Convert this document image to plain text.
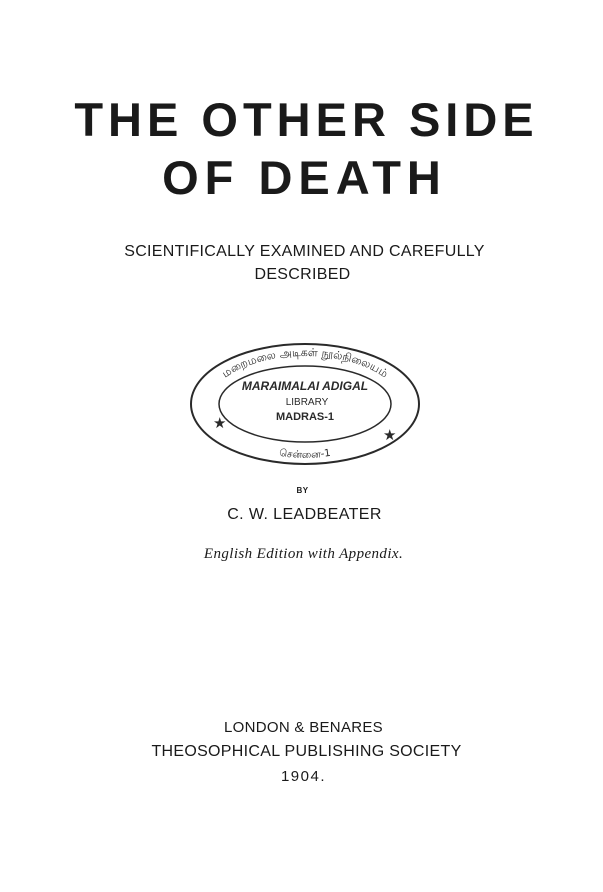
THE OTHER SIDE
OF DEATH
SCIENTIFICALLY EXAMINED AND CAREFULLY
DESCRIBED
மறைமலை அடிகள் நூல்நிலையம்
MARAIMALAI ADIGAL
LIBRARY
MADRAS-1
சென்னை-1
★
★
BY
C. W. LEADBEATER
English Edition with Appendix.
LONDON & BENARES
THEOSOPHICAL PUBLISHING SOCIETY
1904.
